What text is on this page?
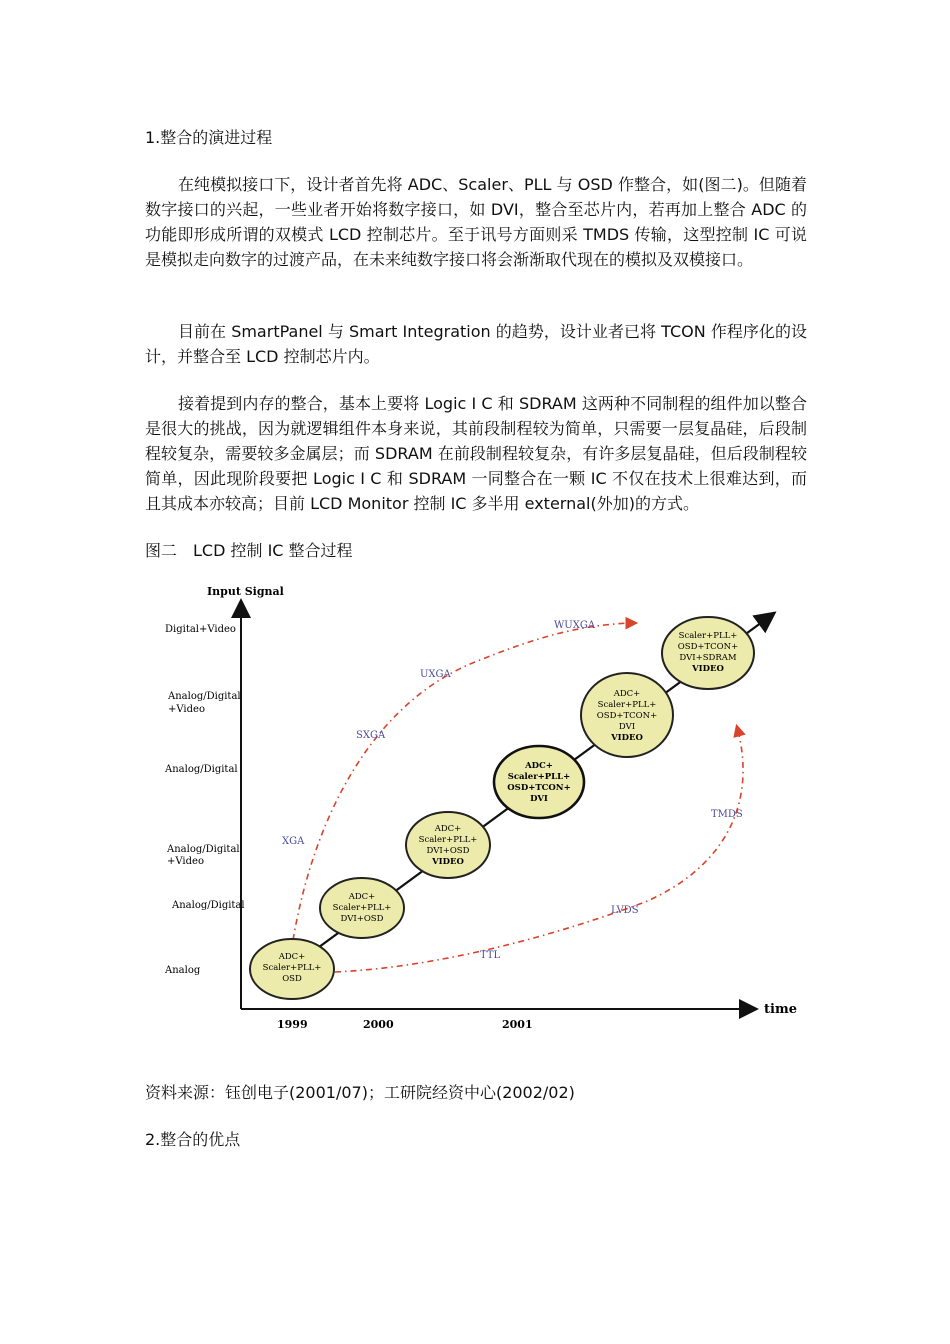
1.整合的演进过程

在纯模拟接口下，设计者首先将 ADC、Scaler、PLL 与 OSD 作整合，如(图二)。但随着数字接口的兴起，一些业者开始将数字接口，如 DVI，整合至芯片内，若再加上整合 ADC 的功能即形成所谓的双模式 LCD 控制芯片。至于讯号方面则采 TMDS 传输，这型控制 IC 可说是模拟走向数字的过渡产品，在未来纯数字接口将会渐渐取代现在的模拟及双模接口。

目前在 SmartPanel 与 Smart Integration 的趋势，设计业者已将 TCON 作程序化的设计，并整合至 LCD 控制芯片内。

接着提到内存的整合，基本上要将 Logic I C 和 SDRAM 这两种不同制程的组件加以整合是很大的挑战，因为就逻辑组件本身来说，其前段制程较为简单，只需要一层复晶硅，后段制程较复杂，需要较多金属层；而 SDRAM 在前段制程较复杂，有许多层复晶硅，但后段制程较简单，因此现阶段要把 Logic I C 和 SDRAM 一同整合在一颗 IC 不仅在技术上很难达到，而且其成本亦较高；目前 LCD Monitor 控制 IC 多半用 external(外加)的方式。

图二　LCD 控制 IC 整合过程

Input Signal
time
Analog
Analog/Digital
Analog/Digital +Video
Analog/Digital
Analog/Digital +Video
Digital+Video
1999	2000	2001
XGA
SXGA
UXGA
WUXGA
TTL
LVDS
TMDS
ADC+ Scaler+PLL+ OSD
ADC+ Scaler+PLL+ DVI+OSD
ADC+ Scaler+PLL+ DVI+OSD VIDEO
ADC+ Scaler+PLL+ OSD+TCON+ DVI
ADC+ Scaler+PLL+ OSD+TCON+ DVI VIDEO
Scaler+PLL+ OSD+TCON+ DVI+SDRAM VIDEO

资料来源：钰创电子(2001/07)；工研院经资中心(2002/02)

2.整合的优点
